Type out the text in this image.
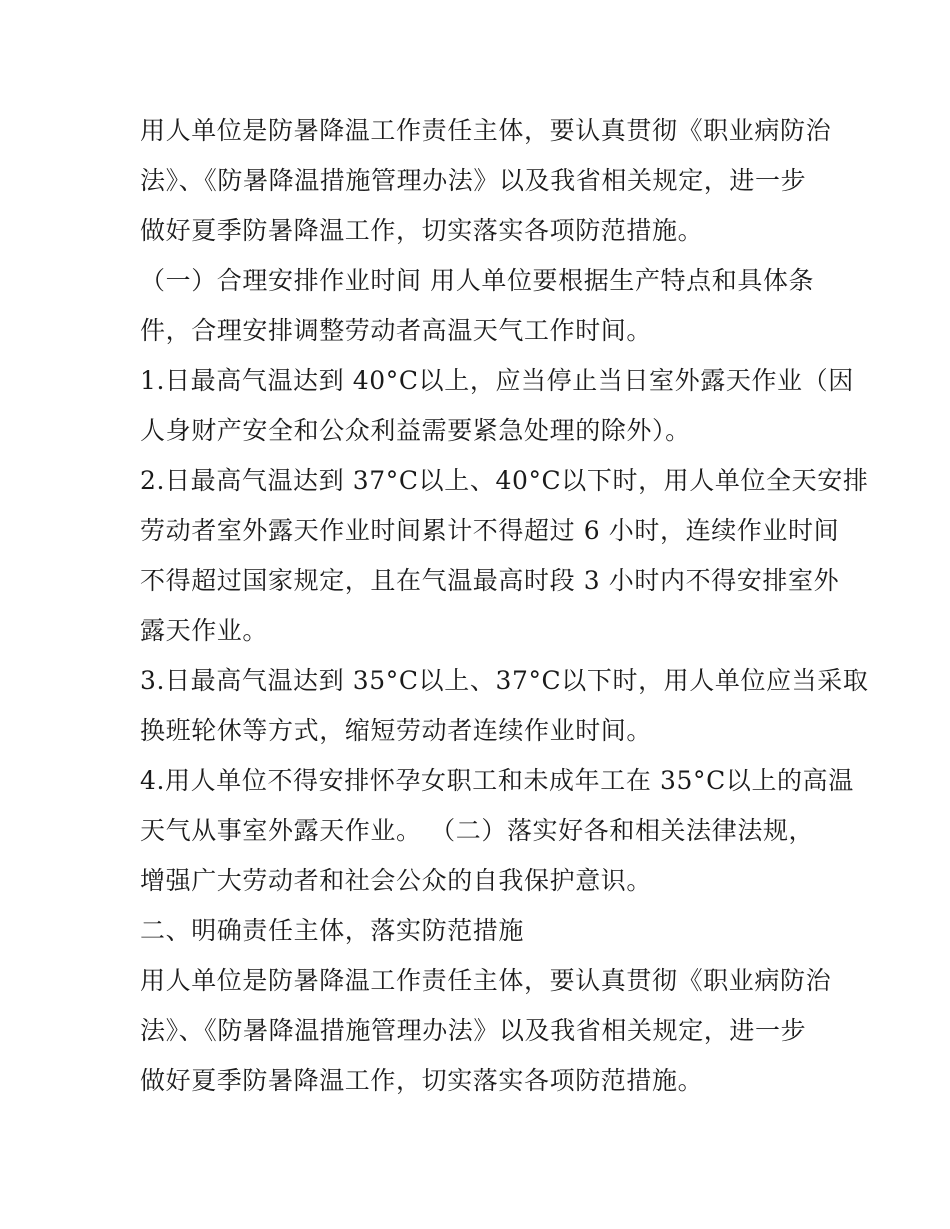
用人单位是防暑降温工作责任主体，要认真贯彻《职业病防治
法》、《防暑降温措施管理办法》以及我省相关规定，进一步
做好夏季防暑降温工作，切实落实各项防范措施。
（一）合理安排作业时间 用人单位要根据生产特点和具体条
件，合理安排调整劳动者高温天气工作时间。
1.日最高气温达到 40°C以上，应当停止当日室外露天作业（因
人身财产安全和公众利益需要紧急处理的除外）。
2.日最高气温达到 37°C以上、40°C以下时，用人单位全天安排
劳动者室外露天作业时间累计不得超过 6 小时，连续作业时间
不得超过国家规定，且在气温最高时段 3 小时内不得安排室外
露天作业。
3.日最高气温达到 35°C以上、37°C以下时，用人单位应当采取
换班轮休等方式，缩短劳动者连续作业时间。
4.用人单位不得安排怀孕女职工和未成年工在 35°C以上的高温
天气从事室外露天作业。 （二）落实好各和相关法律法规，
增强广大劳动者和社会公众的自我保护意识。
二、明确责任主体，落实防范措施
用人单位是防暑降温工作责任主体，要认真贯彻《职业病防治
法》、《防暑降温措施管理办法》以及我省相关规定，进一步
做好夏季防暑降温工作，切实落实各项防范措施。
